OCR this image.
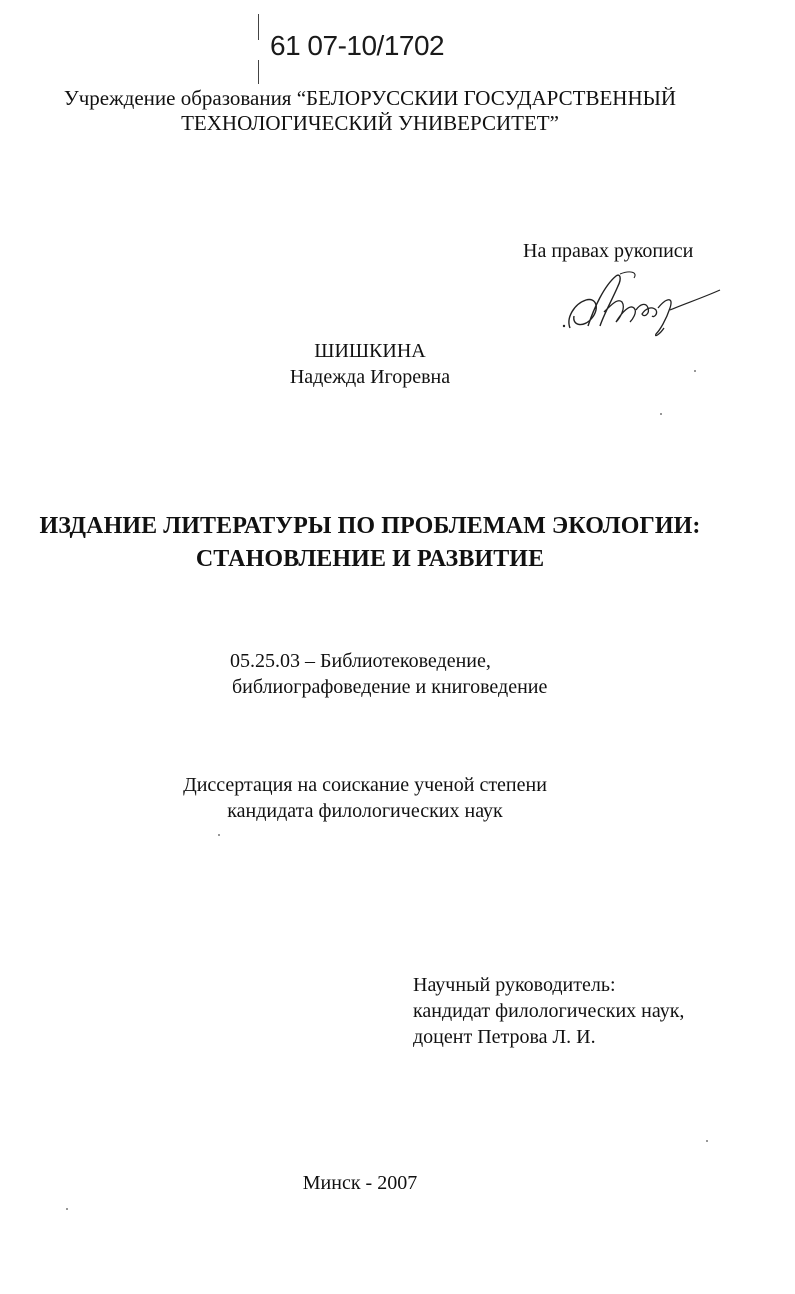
61 07-10/1702
Учреждение образования “БЕЛОРУССКИИ ГОСУДАРСТВЕННЫЙ
ТЕХНОЛОГИЧЕСКИЙ УНИВЕРСИТЕТ”
На правах рукописи
ШИШКИНА
Надежда Игоревна
ИЗДАНИЕ ЛИТЕРАТУРЫ ПО ПРОБЛЕМАМ ЭКОЛОГИИ:
СТАНОВЛЕНИЕ И РАЗВИТИЕ
05.25.03 – Библиотековедение,
библиографоведение и книговедение
Диссертация на соискание ученой степени
кандидата филологических наук
Научный руководитель:
кандидат филологических наук,
доцент Петрова Л. И.
Минск - 2007
